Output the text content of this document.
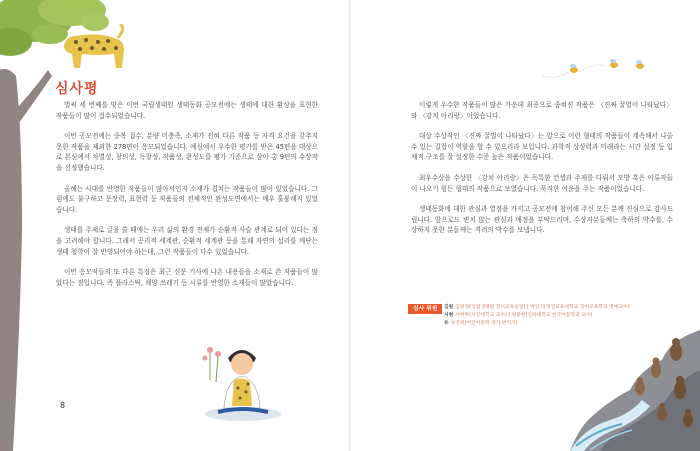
심사평

벌써 세 번째를 맞은 이번 국립생태원 생태동화 공모전에는 생태에 대한 환상을 표현한 작품들이 많이 접수되었습니다.

이번 공모전에는 중복 접수, 분량 미충족, 소재가 전혀 다른 작품 등 자격 요건을 갖추지 못한 작품을 제외한 278편이 응모되었습니다. 예심에서 우수한 평가를 받은 45편을 대상으로 본심에서 차별성, 창의성, 독창성, 작품성, 완성도를 평가 기준으로 삼아 총 9편의 수상작을 선정했습니다.

올해는 시대를 반영한 작품들이 많아서인지 소재가 겹치는 작품들이 많이 있었습니다. 그럼에도 불구하고 문장력, 표현력 등 작품들의 전체적인 완성도면에서는 매우 훌륭해지 있었습니다.

생태를 주제로 글을 쓸 때에는 우리 삶의 환경 전체가 순환적 사슬 관계로 되어 있다는 점을 고려해야 합니다. 그래서 공리적 세계관, 순환적 세계관 등을 통해 자연의 섭리를 깨닫는 생태 철학이 잘 반영되어야 하는데, 그런 작품들이 다수 있었습니다.

이번 응모작들의 또 다른 특징은 최근 신문 기사에 나온 내용들을 소재로 쓴 작품들이 많았다는 점입니다. 즉 플라스틱, 해양 쓰레기 등 시류를 반영한 소재들이 많았습니다.

8

이렇게 우수한 작품들이 많은 가운데 최종으로 좁혀진 작품은 〈진짜 꿀벌이 나타났다〉와 〈강치 아리랑〉이었습니다.

대상 수상작인 〈진짜 꿀벌이 나타났다〉는 앞으로 이런 형태의 작품들이 계속해서 나올 수 있는 길잡이 역할을 할 수 있으리라 보입니다. 과학적 상상력과 미래라는 시간 설정 등 입체적 구조를 잘 설정한 수준 높은 작품이었습니다.

최우수상을 수상한 〈강치 아리랑〉은 독특한 컨셉과 주제를 다뤄서 모방 혹은 아류작들이 나오기 힘든 형태의 작품으로 보였습니다. 묵직한 여운을 주는 작품이었습니다.

생태동화에 대한 관심과 열정을 가지고 공모전에 참여해 주신 모든 분께 진심으로 감사드립니다. 앞으로도 변치 않는 관심과 애정을 부탁드리며, 수상자분들께는 축하의 박수를, 수상하지 못한 분들께는 격려의 박수를 보냅니다.

심사 위원	김원 김원정(국립생태원 전시교육실장) | 박인기(경인교육대학교 국어교육학과 명예교수)
서현 서현주(서강대학교 교수) | 원종찬(인하대학교 한국어문학과 교수)
유 유연희(어린이문학 작가·번역가)
